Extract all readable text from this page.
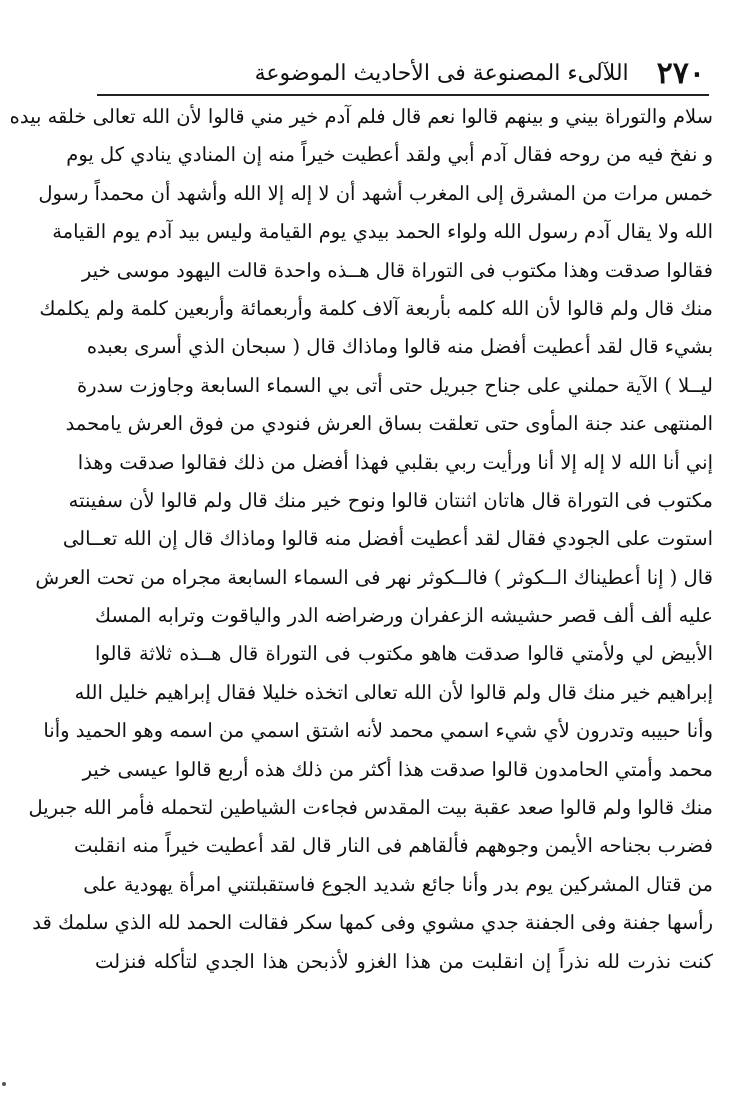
٢٧٠
اللآلىء المصنوعة فى الأحاديث الموضوعة
سلام والتوراة بيني و بينهم قالوا نعم قال فلم آدم خير مني قالوا لأن الله تعالى خلقه بيده
و نفخ فيه من روحه فقال آدم أبي ولقد أعطيت خيراً منه إن المنادي ينادي كل يوم
خمس مرات من المشرق إلى المغرب أشهد أن لا إله إلا الله وأشهد أن محمداً رسول
الله ولا يقال آدم رسول الله ولواء الحمد بيدي يوم القيامة وليس بيد آدم يوم القيامة
فقالوا صدقت وهذا مكتوب فى التوراة قال هــذه واحدة قالت اليهود موسى خير
منك قال ولم قالوا لأن الله كلمه بأربعة آلاف كلمة وأربعمائة وأربعين كلمة ولم يكلمك
بشيء قال لقد أعطيت أفضل منه قالوا وماذاك قال ( سبحان الذي أسرى بعبده
ليــلا ) الآية حملني على جناح جبريل حتى أتى بي السماء السابعة وجاوزت سدرة
المنتهى عند جنة المأوى حتى تعلقت بساق العرش فنودي من فوق العرش يامحمد
إني أنا الله لا إله إلا أنا ورأيت ربي بقلبي فهذا أفضل من ذلك فقالوا صدقت وهذا
مكتوب فى التوراة قال هاتان اثنتان قالوا ونوح خير منك قال ولم قالوا لأن سفينته
استوت على الجودي فقال لقد أعطيت أفضل منه قالوا وماذاك قال إن الله تعــالى
قال ( إنا أعطيناك الــكوثر ) فالــكوثر نهر فى السماء السابعة مجراه من تحت العرش
عليه ألف ألف قصر حشيشه الزعفران ورضراضه الدر والياقوت وترابه المسك
الأبيض لي ولأمتي قالوا صدقت هاهو مكتوب فى التوراة قال هــذه ثلاثة قالوا
إبراهيم خير منك قال ولم قالوا لأن الله تعالى اتخذه خليلا فقال إبراهيم خليل الله
وأنا حبيبه وتدرون لأي شيء اسمي محمد لأنه اشتق اسمي من اسمه وهو الحميد وأنا
محمد وأمتي الحامدون قالوا صدقت هذا أكثر من ذلك هذه أربع قالوا عيسى خير
منك قالوا ولم قالوا صعد عقبة بيت المقدس فجاءت الشياطين لتحمله فأمر الله جبريل
فضرب بجناحه الأيمن وجوههم فألقاهم فى النار قال لقد أعطيت خيراً منه انقلبت
من قتال المشركين يوم بدر وأنا جائع شديد الجوع فاستقبلتني امرأة يهودية على
رأسها جفنة وفى الجفنة جدي مشوي وفى كمها سكر فقالت الحمد لله الذي سلمك قد
كنت نذرت لله نذراً إن انقلبت من هذا الغزو لأذبحن هذا الجدي لتأكله فنزلت
